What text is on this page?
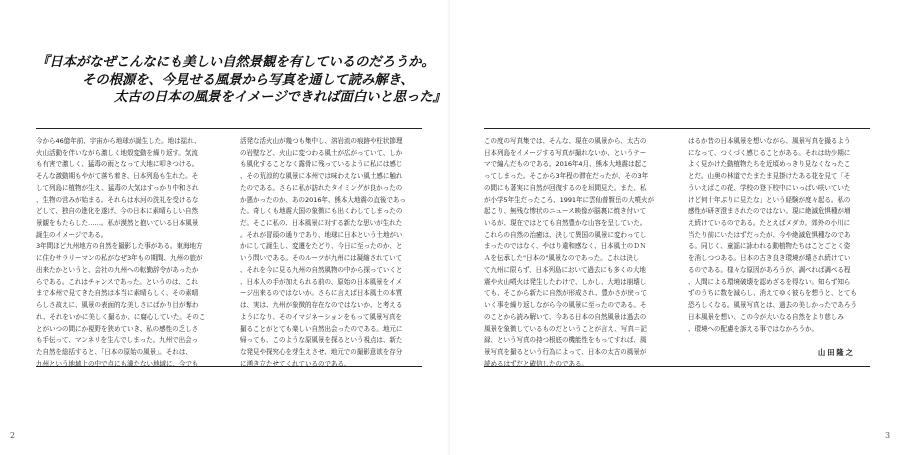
『日本がなぜこんなにも美しい自然景観を有しているのだろうか。
その根源を、今見せる風景から写真を通して読み解き、
太古の日本の風景をイメージできれば面白いと思った』
今から46億年前、宇宙から地球が誕生した。地は揺れ、
火山活動を伴いながら激しく地殻変動を繰り返す。気流
も有害で激しく、猛毒の雨となって大地に叩きつける。
そんな激動期もやがて落ち着き、日本列島も生れた。そ
して列島に植物が生え、猛毒の大気はすっかり中和され
、生物の営みが始まる。それらは水河の洗礼を受けるな
どして、独自の進化を遂げ、今の日本に素晴らしい自然
景観をもたらした……。私が漠然と抱いている日本風景
誕生のイメージである。
3年間ほど九州地方の自然を撮影した事がある。東海地方
に住むサラリーマンの私がなぜ3年もの期間、九州の旅が
出来たかというと、会社の九州への転勤辞令があったか
らである。これはチャンスであった。というのは、これ
まで本州で見てきた自然は本当に素晴らしく、その素晴
らしさ故えに、風景の表面的な美しさにばかり目が奪わ
れ、それをいかに美しく撮るか、に腐心していた。そのこ
とがいつの間にか視野を狭めていき、私の感性の乏しさ
も手伝って、マンネリを生んでしまった。九州で出会っ
た自然を総括すると、「日本の原始の風景」。それは、
九州という地域上の中で点にも満たない地域に、今でも
活発な活火山が幾つも集中し、溶岩流の痕跡や柱状節理
の岩壁など、火山に変つわる風土が広がっていて、しか
も風化することなく露骨に残っているように私には感じ
、その荒涼的な風景に本州では味わえない風土感に触れ
たのである。さらに私が訪れたタイミングが良かったの
か悪かったのか、あの2016年、熊本大地震の直後であっ
た。奇しくも地震大国の象徴にも出くわしてしまったの
だ。そこに私の、日本風景に対する新たな思いが生れた
。それが冒頭の通りであり、地球に日本という土地がい
かにして誕生し、変遷をたどり、今日に至ったのか、と
いう問いである。そのルーツが九州には凝縮されていて
、それを今に見る九州の自然風物の中から探っていくと
、日本人の手が加えられる前の、原始の日本風景をイメ
ージ出来るのではないか。さらに言えば日本風土の本質
は、実は、九州が象徴的存在なのではないか、と考える
ようになり、そのイマジネーションをもって風景写真を
撮ることがとても楽しい自然出会ったのである。地元に
帰っても、このような原風景を探るという視点は、新た
な発見や探究心を芽生えさせ、地元での撮影意欲を存分
に湧き立たせてくれているのである。
2
この度の写真集では、そんな、現在の風景から、太古の
日本列島をイメージする写真が撮れないか、というテー
マで編んだものである。2016年4月、熊本大地震は起こ
ってしまった。そこから3年程の滞在だったが、その3年
の間にも著実に自然が回復するのを垣間見た。また、私
が小学5年生だったころ、1991年に雲仙普賢岳の大噴火が
起こり、無残な惨状のニュース映像が脳裏に焼き付いて
いるが、現在ではとても自然豊かな山容を呈していた。
これらの自然の治癒は、決して異国の風景に変わってし
まったのではなく、やはり違和感なく、日本風土のＤＮ
Ａを伝承した"日本の"風景なのであった。これは決し
て九州に限らず、日本列島において過去にも多くの大地
震や火山噴火は発生したわけで、しかし、大地は崩壊し
ても、そこから新たに自然が形成され、豊かさが戻って
いく事を繰り返しながら今の風景に至ったのである。そ
のことから読み解いて、今ある日本の自然風景は過去の
風景を象徴しているものだということが言え、写真＝記
録、という写真の持つ根底の機能性をもってすれば、風
景写真を撮るという行為によって、日本の太古の風景が
読めるはずだと確信したのである。
はるか昔の日本風景を想いながら、風景写真を撮るよう
になって、つくづく感じることがある。それは幼少期に
よく見かけた動植物たちを近頃めっきり見なくなったこ
とだ。山奥の林道でたまたま見掛けたある花を見て「そ
ういえばこの花、学校の登下校中にいっぱい咲いていた
けど何十年ぶりに見たな」という経験が度々起る。私の
感性が研ぎ澄まされたのではない。現に絶滅危惧種が増
え続けているのである。たとえばメダカ。郊外の小川に
当たり前にいたはずだったが、今や絶滅危惧種なのであ
る。同じく、童謡に詠われる動植物たちはことごとく姿
を消しつつある。日本の古き良き環境が壊され続けてい
るのである。様々な原因があろうが、調べれば調べる程
、人間による環境破壊を認めざるを得ない。知らず知ら
ずのうちに数を減らし、消えてゆく彼らを想うと、とても
恐ろしくなる。風景写真とは、過去の美しかったであろう
日本風景を想い、この今が大いなる自然をより慈しみ
、環境への配慮を訴える事ではなかろうか。
山田隆之
3
